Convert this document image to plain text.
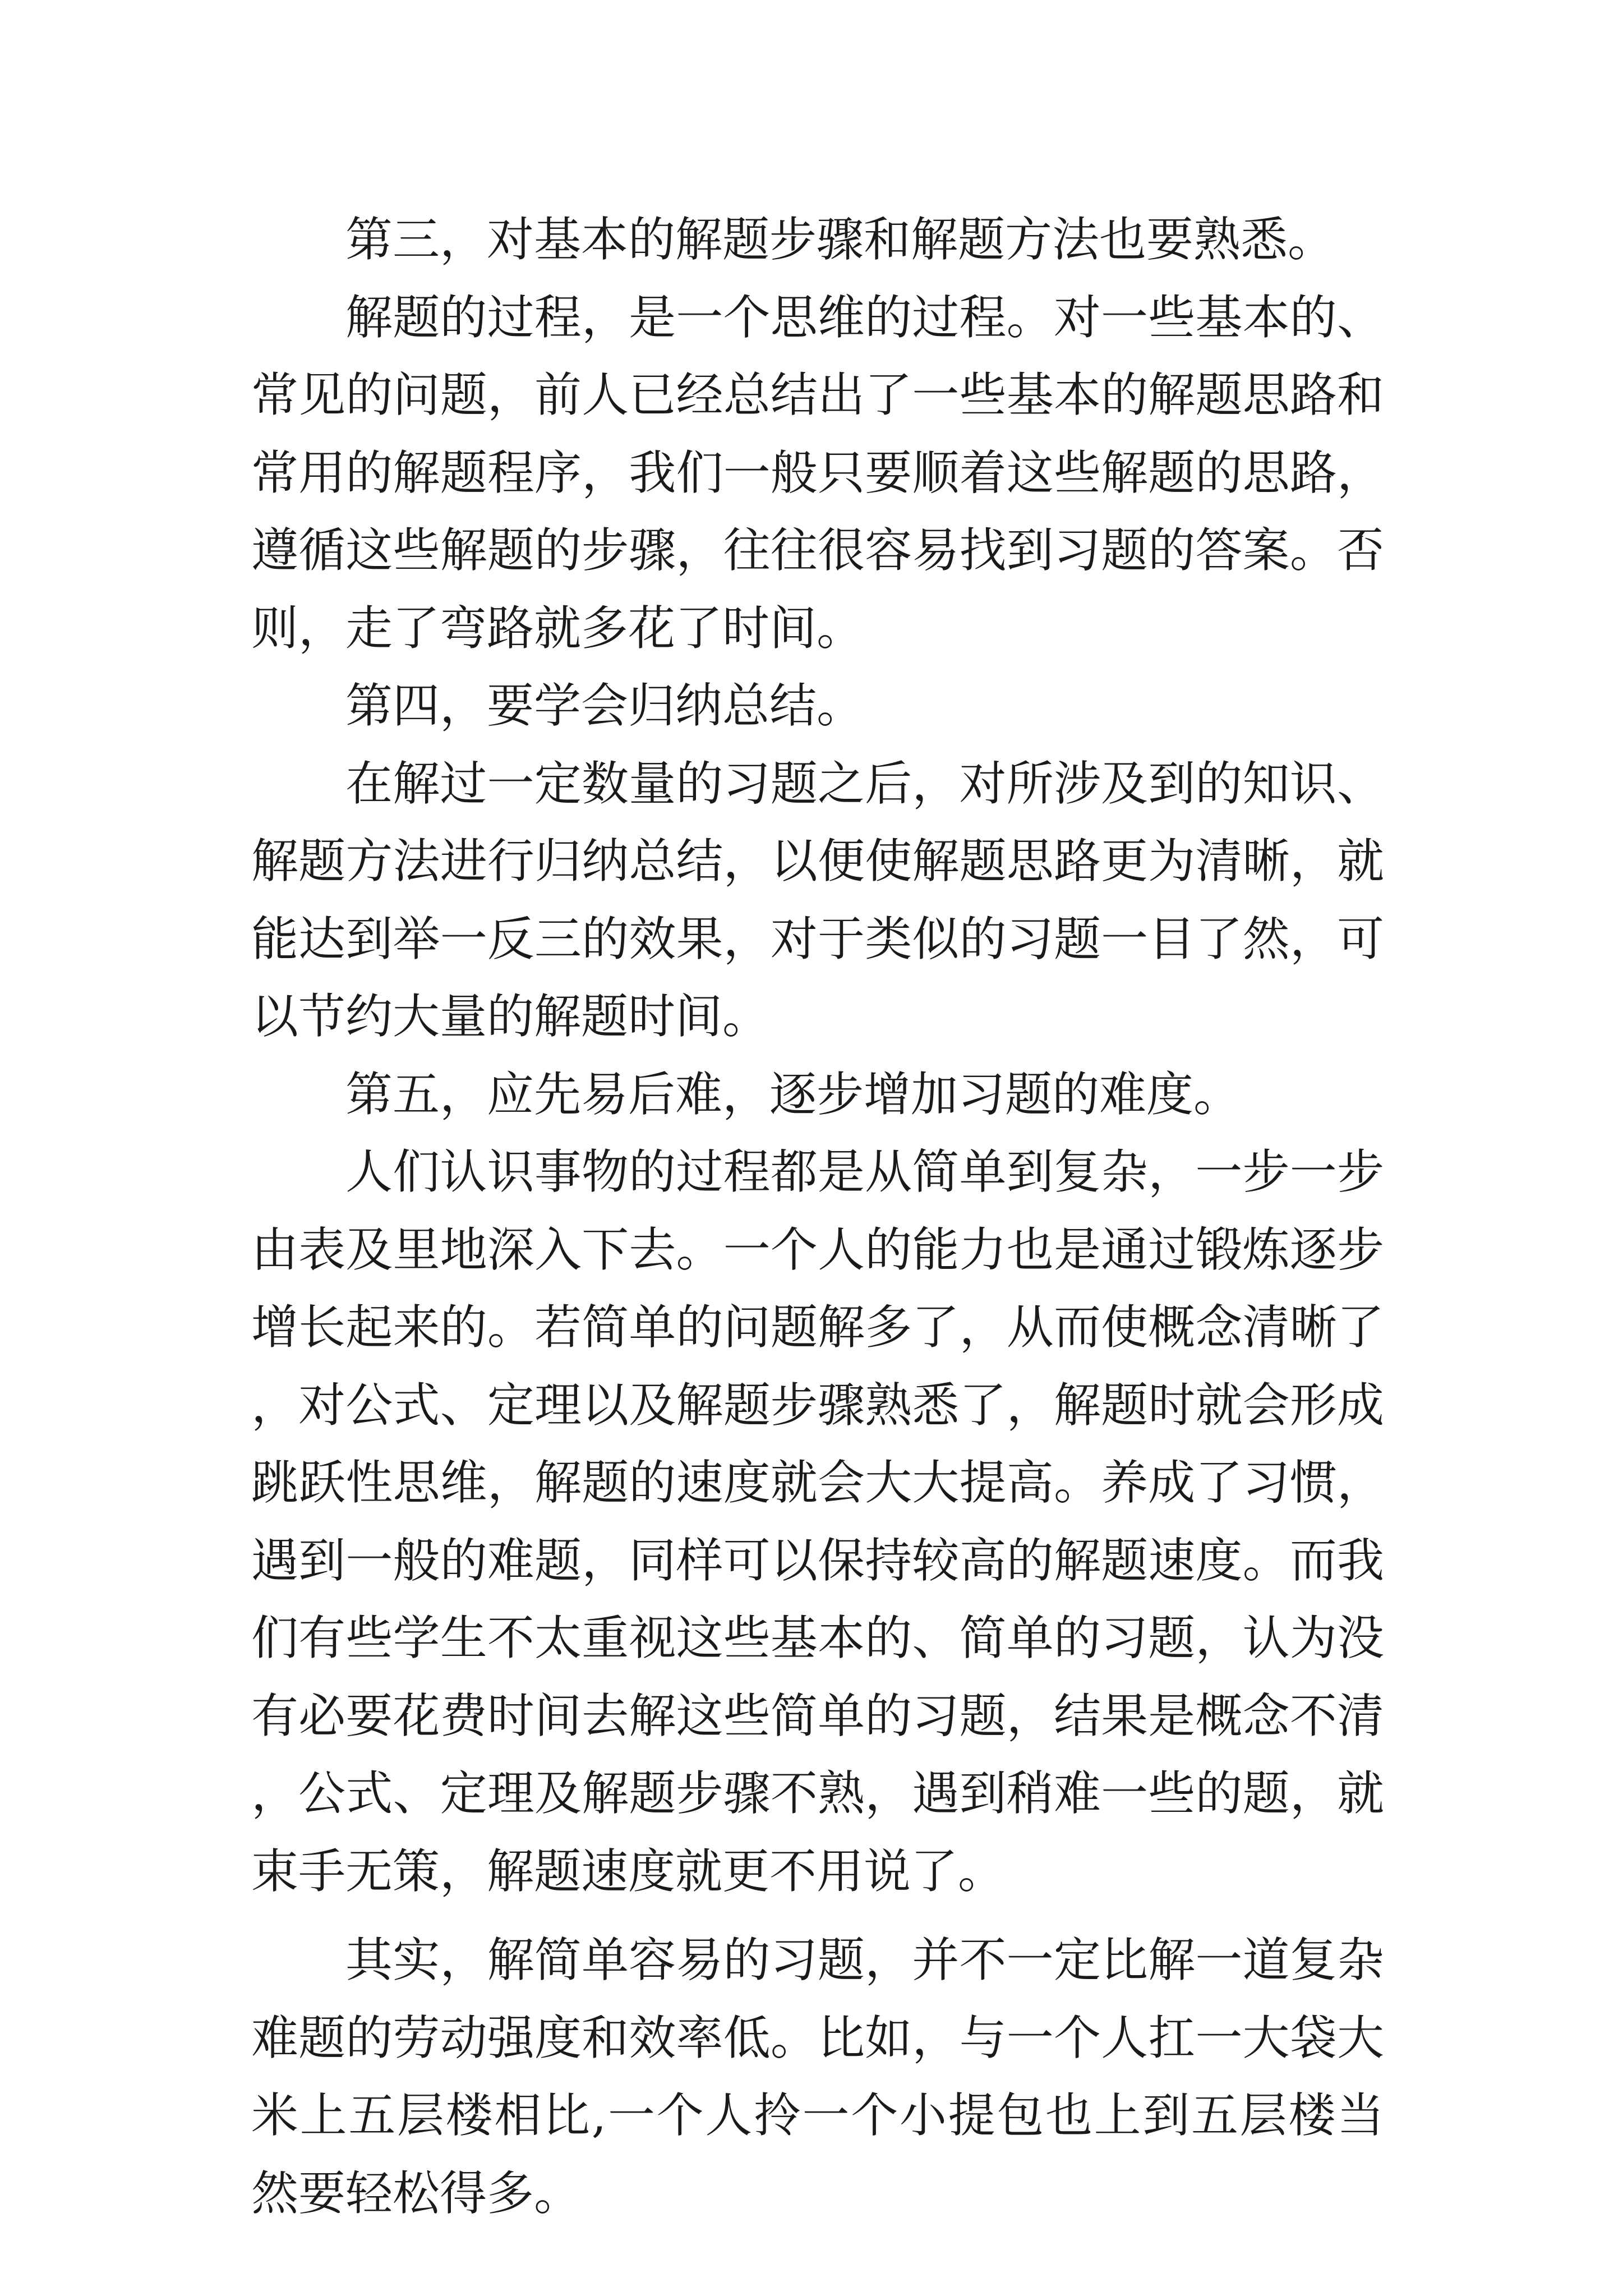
第三，对基本的解题步骤和解题方法也要熟悉。

解题的过程，是一个思维的过程。对一些基本的、常见的问题，前人已经总结出了一些基本的解题思路和常用的解题程序，我们一般只要顺着这些解题的思路，遵循这些解题的步骤，往往很容易找到习题的答案。否则，走了弯路就多花了时间。

第四，要学会归纳总结。

在解过一定数量的习题之后，对所涉及到的知识、解题方法进行归纳总结，以便使解题思路更为清晰，就能达到举一反三的效果，对于类似的习题一目了然，可以节约大量的解题时间。

第五，应先易后难，逐步增加习题的难度。

人们认识事物的过程都是从简单到复杂，一步一步由表及里地深入下去。一个人的能力也是通过锻炼逐步增长起来的。若简单的问题解多了，从而使概念清晰了，对公式、定理以及解题步骤熟悉了，解题时就会形成跳跃性思维，解题的速度就会大大提高。养成了习惯，遇到一般的难题，同样可以保持较高的解题速度。而我们有些学生不太重视这些基本的、简单的习题，认为没有必要花费时间去解这些简单的习题，结果是概念不清，公式、定理及解题步骤不熟，遇到稍难一些的题，就束手无策，解题速度就更不用说了。

其实，解简单容易的习题，并不一定比解一道复杂难题的劳动强度和效率低。比如，与一个人扛一大袋大米上五层楼相比,一个人拎一个小提包也上到五层楼当然要轻松得多。
